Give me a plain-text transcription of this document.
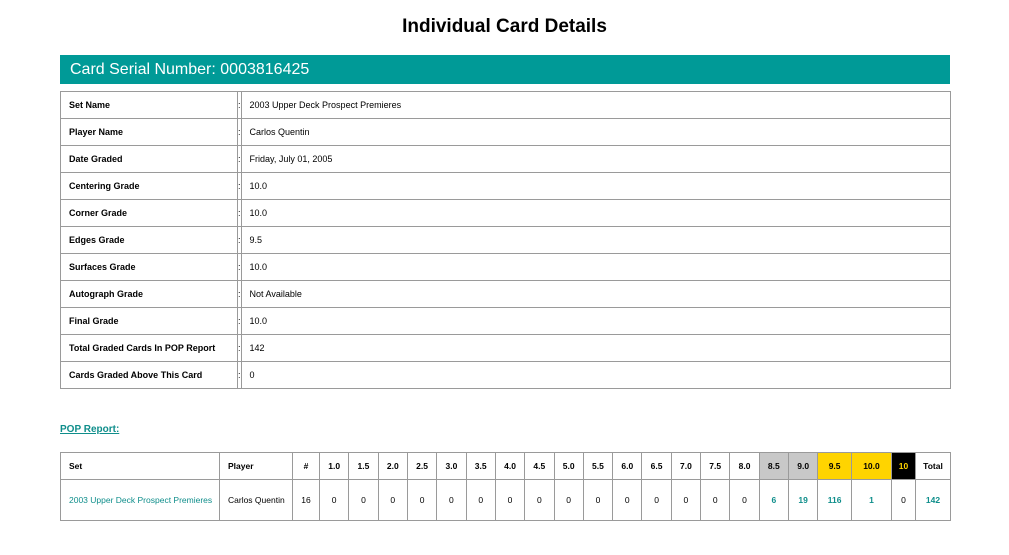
Individual Card Details
Card Serial Number: 0003816425
Set Name	:	2003 Upper Deck Prospect Premieres
Player Name	:	Carlos Quentin
Date Graded	:	Friday, July 01, 2005
Centering Grade	:	10.0
Corner Grade	:	10.0
Edges Grade	:	9.5
Surfaces Grade	:	10.0
Autograph Grade	:	Not Available
Final Grade	:	10.0
Total Graded Cards In POP Report	:	142
Cards Graded Above This Card	:	0
POP Report:
Set	Player	#	1.0	1.5	2.0	2.5	3.0	3.5	4.0	4.5	5.0	5.5	6.0	6.5	7.0	7.5	8.0	8.5	9.0	9.5	10.0	10	Total
2003 Upper Deck Prospect Premieres	Carlos Quentin	16	0	0	0	0	0	0	0	0	0	0	0	0	0	0	0	6	19	116	1	0	142
